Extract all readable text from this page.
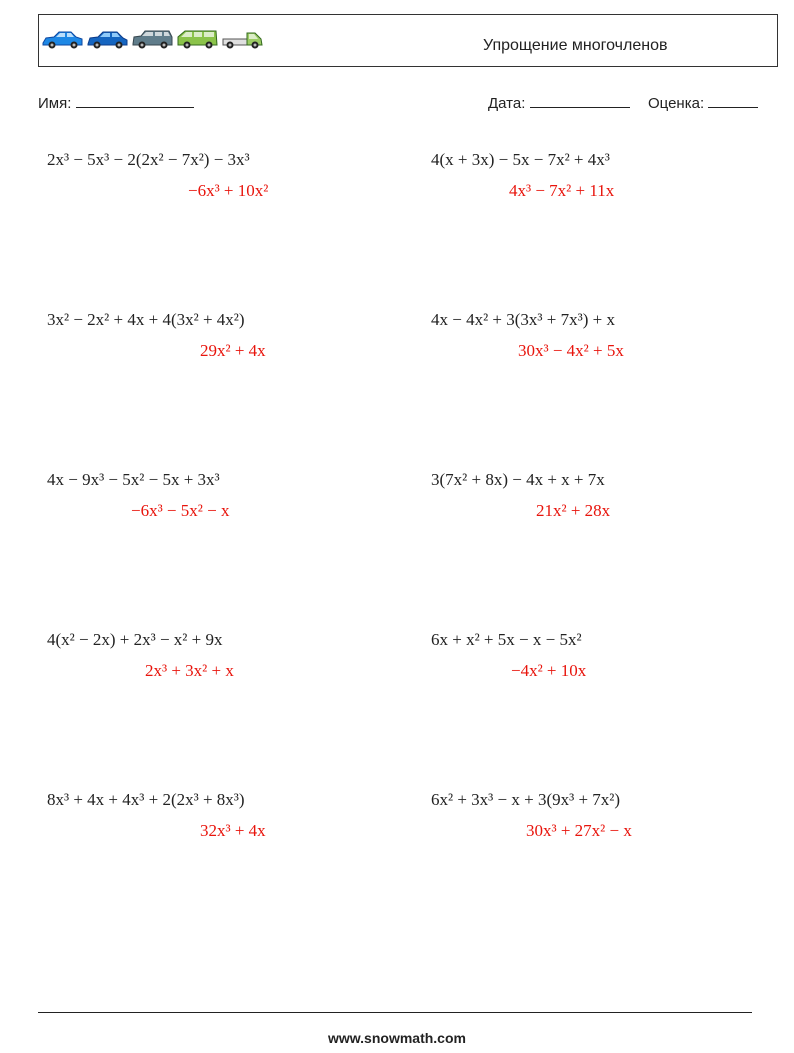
Упрощение многочленов
Имя:	Дата:	Оценка:
2x³ − 5x³ − 2(2x² − 7x²) − 3x³
−6x³ + 10x²
4(x + 3x) − 5x − 7x² + 4x³
4x³ − 7x² + 11x
3x² − 2x² + 4x + 4(3x² + 4x²)
29x² + 4x
4x − 4x² + 3(3x³ + 7x³) + x
30x³ − 4x² + 5x
4x − 9x³ − 5x² − 5x + 3x³
−6x³ − 5x² − x
3(7x² + 8x) − 4x + x + 7x
21x² + 28x
4(x² − 2x) + 2x³ − x² + 9x
2x³ + 3x² + x
6x + x² + 5x − x − 5x²
−4x² + 10x
8x³ + 4x + 4x³ + 2(2x³ + 8x³)
32x³ + 4x
6x² + 3x³ − x + 3(9x³ + 7x²)
30x³ + 27x² − x
www.snowmath.com
